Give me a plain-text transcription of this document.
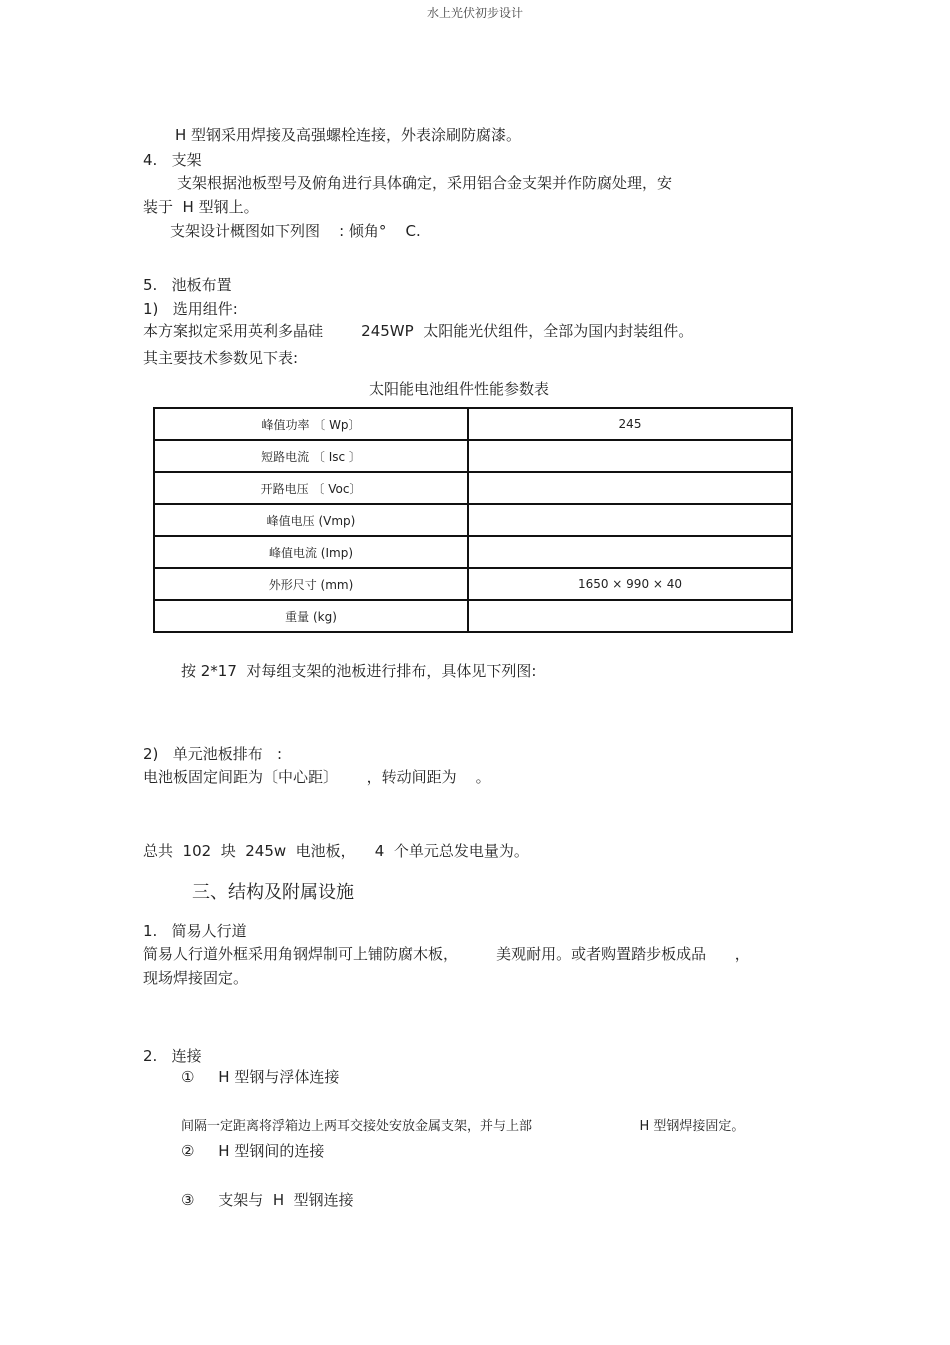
水上光伏初步设计
H 型钢采用焊接及高强螺栓连接，外表涂刷防腐漆。
4.   支架
支架根据池板型号及俯角进行具体确定，采用铝合金支架并作防腐处理，安
装于  H 型钢上。
支架设计概图如下列图    : 倾角°    C.
5.   池板布置
1)   选用组件:
本方案拟定采用英利多晶硅        245WP  太阳能光伏组件，全部为国内封装组件。
其主要技术参数见下表:
太阳能电池组件性能参数表
峰值功率 〔 Wp〕	245
短路电流 〔 Isc 〕	
开路电压 〔 Voc〕	
峰值电压 (Vmp)	
峰值电流 (Imp)	
外形尺寸 (mm)	1650 × 990 × 40
重量 (kg)	
按 2*17  对每组支架的池板进行排布，具体见下列图:
2)   单元池板排布   :
电池板固定间距为〔中心距〕      ，转动间距为    。
总共  102  块  245w  电池板，    4  个单元总发电量为。
三、结构及附属设施
1.   简易人行道
简易人行道外框采用角钢焊制可上铺防腐木板，        美观耐用。或者购置踏步板成品      ，
现场焊接固定。
2.   连接
①     H 型钢与浮体连接
间隔一定距离将浮箱边上两耳交接处安放金属支架，并与上部                          H 型钢焊接固定。
②     H 型钢间的连接
③     支架与  H  型钢连接
